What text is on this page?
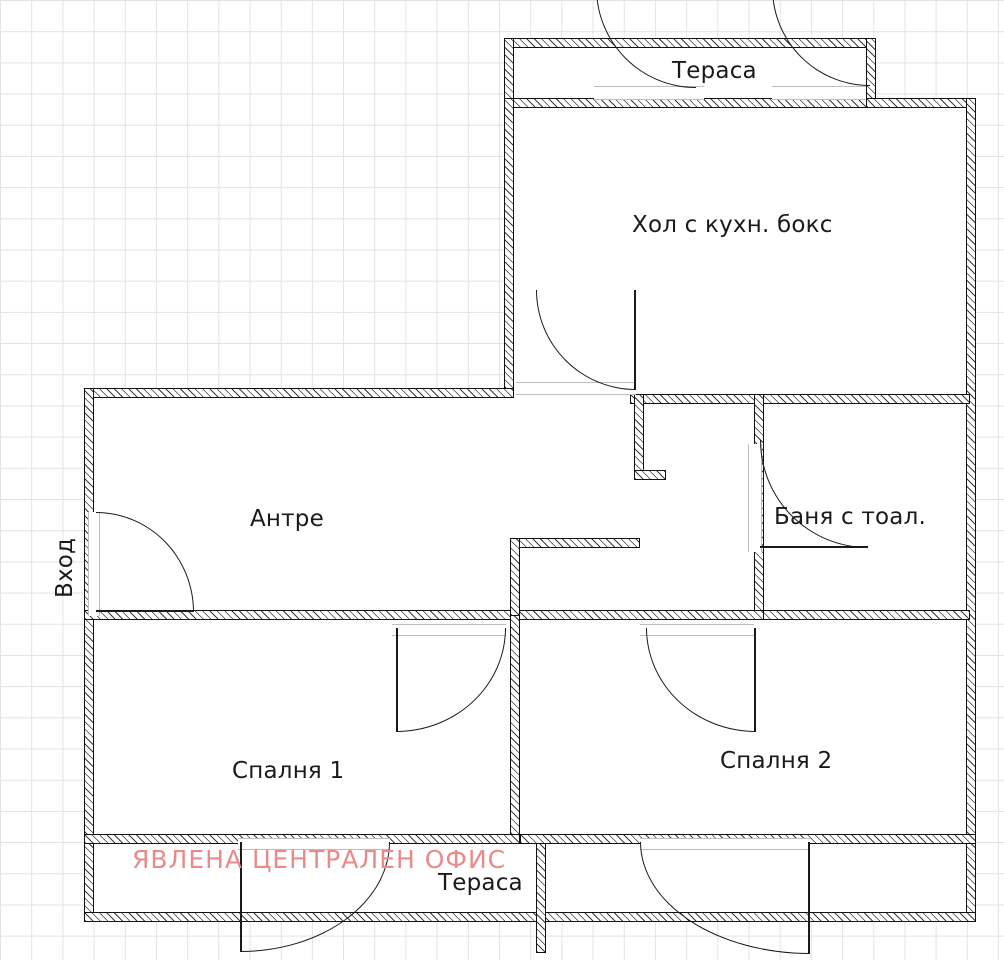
Тераса
Хол с кухн. бокс
Антре	Баня с тоал.
Спалня 1	Спалня 2
Тераса
Вход
ЯВЛЕНА ЦЕНТРАЛЕН ОФИС
